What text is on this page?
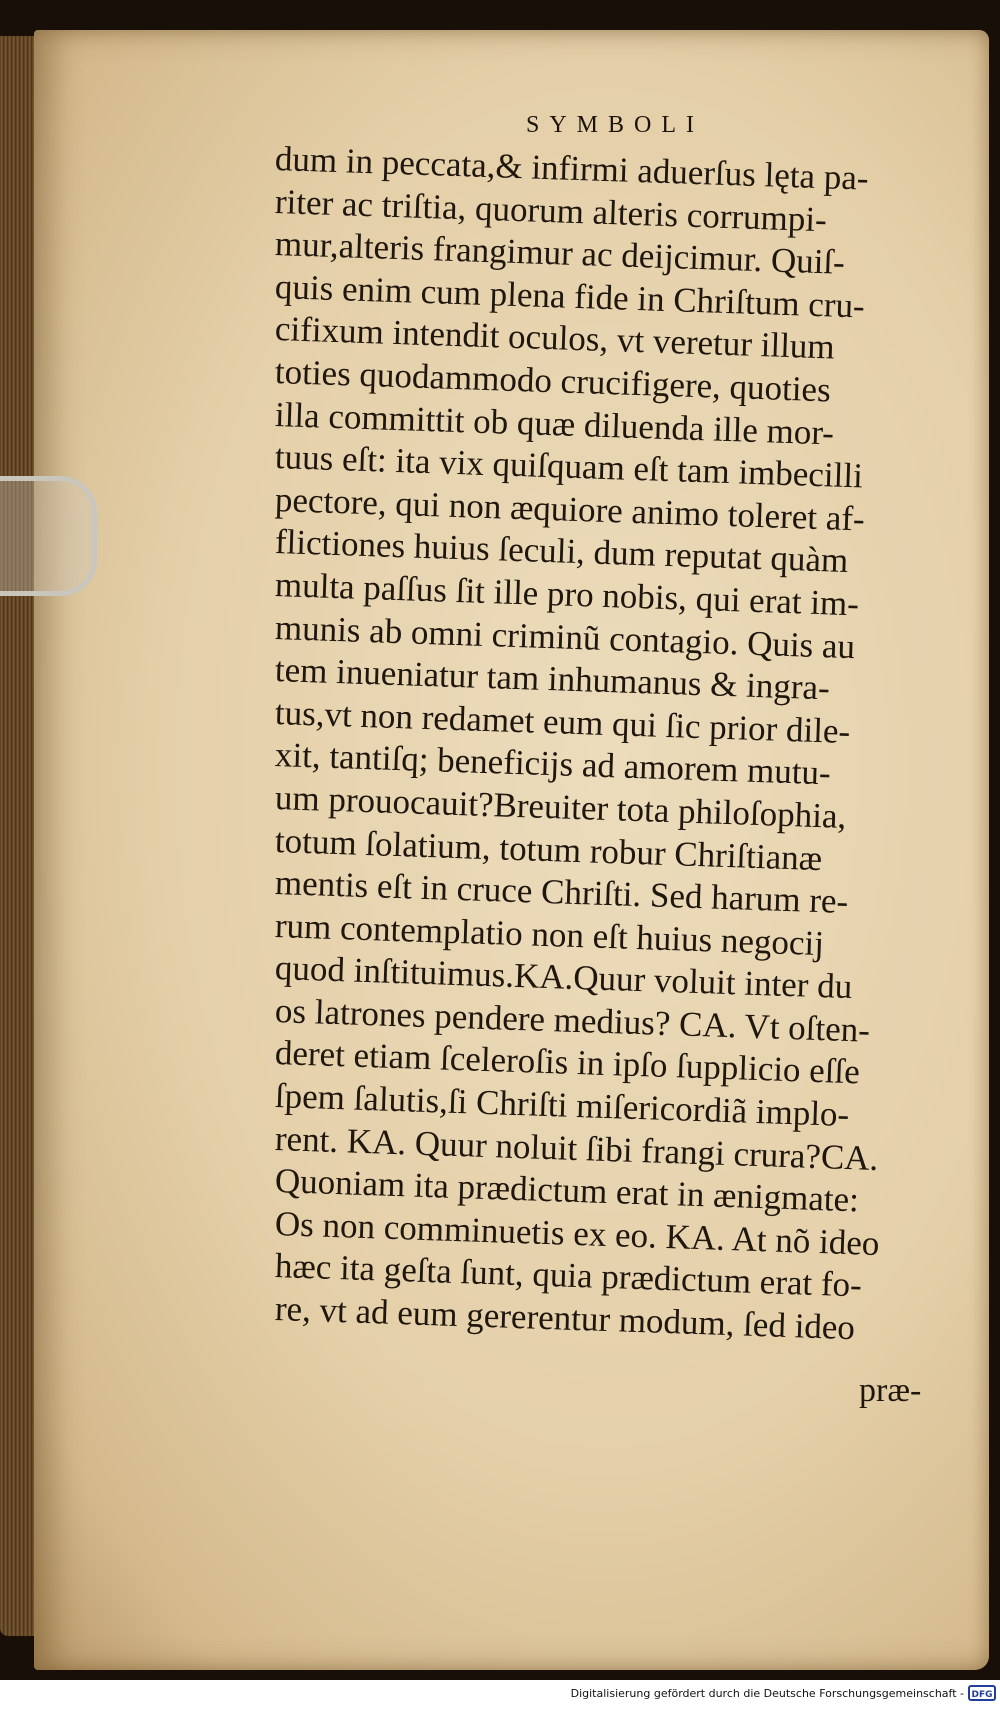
SYMBOLI
dum in peccata,& infirmi aduerſus lęta pa-
riter ac triſtia, quorum alteris corrumpi-
mur,alteris frangimur ac deijcimur. Quiſ-
quis enim cum plena fide in Chriſtum cru-
cifixum intendit oculos, vt veretur illum
toties quodammodo crucifigere, quoties
illa committit ob quæ diluenda ille mor-
tuus eſt: ita vix quiſquam eſt tam imbecilli
pectore, qui non æquiore animo toleret af-
flictiones huius ſeculi, dum reputat quàm
multa paſſus ſit ille pro nobis, qui erat im-
munis ab omni criminũ contagio. Quis au
tem inueniatur tam inhumanus & ingra-
tus,vt non redamet eum qui ſic prior dile-
xit, tantiſq; beneficijs ad amorem mutu-
um prouocauit?Breuiter tota philoſophia,
totum ſolatium, totum robur Chriſtianæ
mentis eſt in cruce Chriſti. Sed harum re-
rum contemplatio non eſt huius negocij
quod inſtituimus.KA.Quur voluit inter du
os latrones pendere medius? CA. Vt oſten-
deret etiam ſceleroſis in ipſo ſupplicio eſſe
ſpem ſalutis,ſi Chriſti miſericordiã implo-
rent. KA. Quur noluit ſibi frangi crura?CA.
Quoniam ita prædictum erat in ænigmate:
Os non comminuetis ex eo. KA. At nõ ideo
hæc ita geſta ſunt, quia prædictum erat fo-
re, vt ad eum gererentur modum, ſed ideo
præ-
Digitalisierung gefördert durch die Deutsche Forschungsgemeinschaft - DFG
